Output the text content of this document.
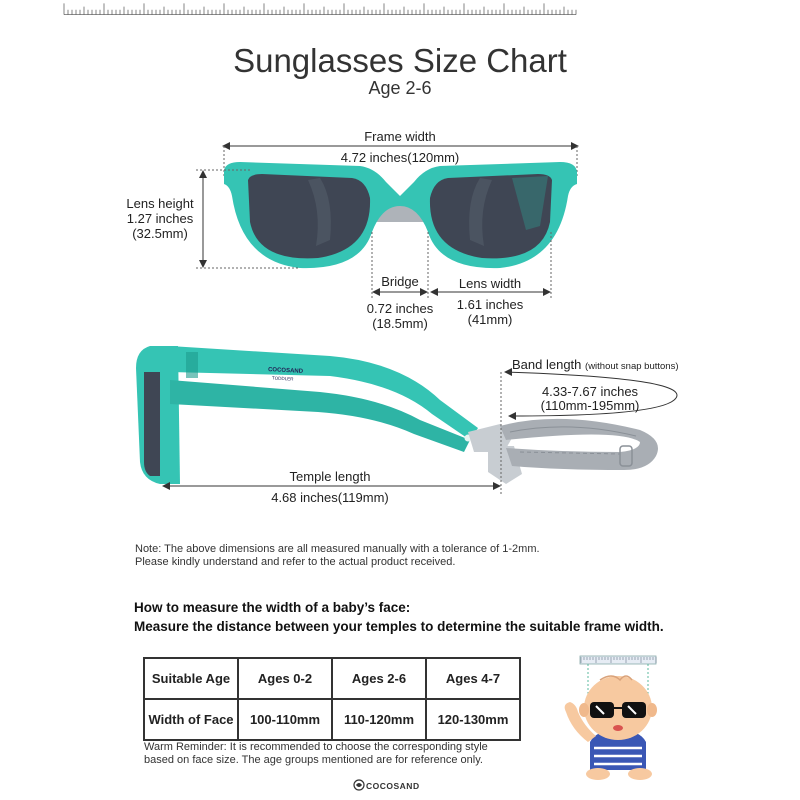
Sunglasses Size Chart
Age 2-6
Frame width
4.72 inches(120mm)
Lens height
1.27 inches
(32.5mm)
Bridge
0.72 inches
(18.5mm)
Lens width
1.61 inches
(41mm)
COCOSAND
TODDLER
Band length (without snap buttons)
4.33-7.67 inches
(110mm-195mm)
Temple length
4.68 inches(119mm)
Note: The above dimensions are all measured manually with a tolerance of 1-2mm.
Please kindly understand and refer to the actual product received.
How to measure the width of a baby’s face:
Measure the distance between your temples to determine the suitable frame width.
Suitable Age	Ages 0-2	Ages 2-6	Ages 4-7
Width of Face	100-110mm	110-120mm	120-130mm
Warm Reminder: It is recommended to choose the corresponding style
based on face size. The age groups mentioned are for reference only.
COCOSAND
